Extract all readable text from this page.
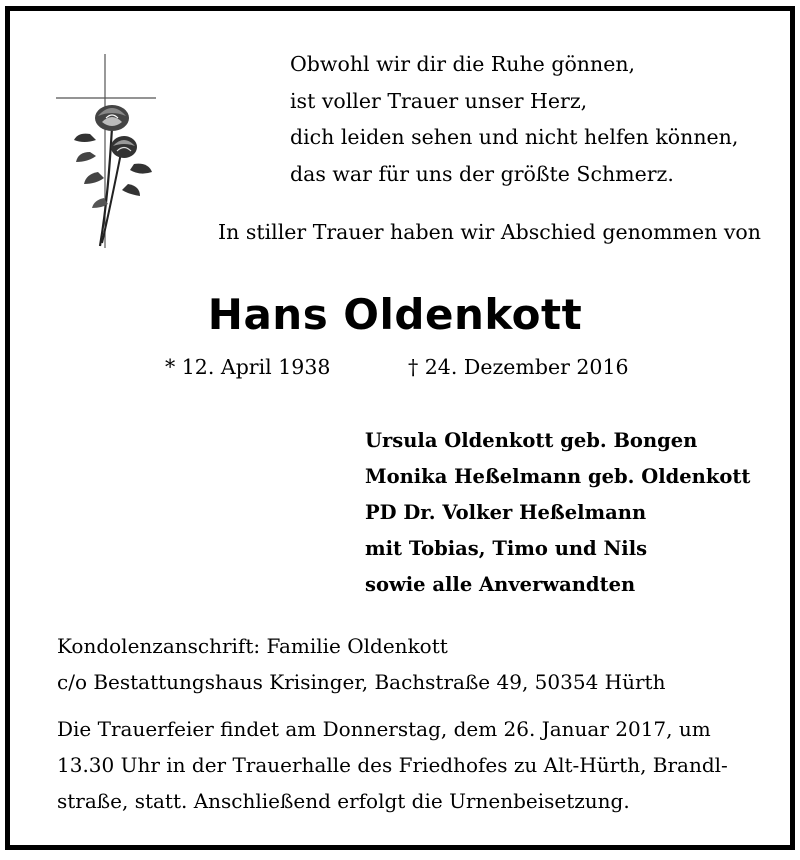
Obwohl wir dir die Ruhe gönnen,
ist voller Trauer unser Herz,
dich leiden sehen und nicht helfen können,
das war für uns der größte Schmerz.
In stiller Trauer haben wir Abschied genommen von
Hans Oldenkott
* 12. April 1938	† 24. Dezember 2016
Ursula Oldenkott geb. Bongen
Monika Heßelmann geb. Oldenkott
PD Dr. Volker Heßelmann
mit Tobias, Timo und Nils
sowie alle Anverwandten
Kondolenzanschrift: Familie Oldenkott
c/o Bestattungshaus Krisinger, Bachstraße 49, 50354 Hürth
Die Trauerfeier findet am Donnerstag, dem 26. Januar 2017, um
13.30 Uhr in der Trauerhalle des Friedhofes zu Alt-Hürth, Brandl-
straße, statt. Anschließend erfolgt die Urnenbeisetzung.
